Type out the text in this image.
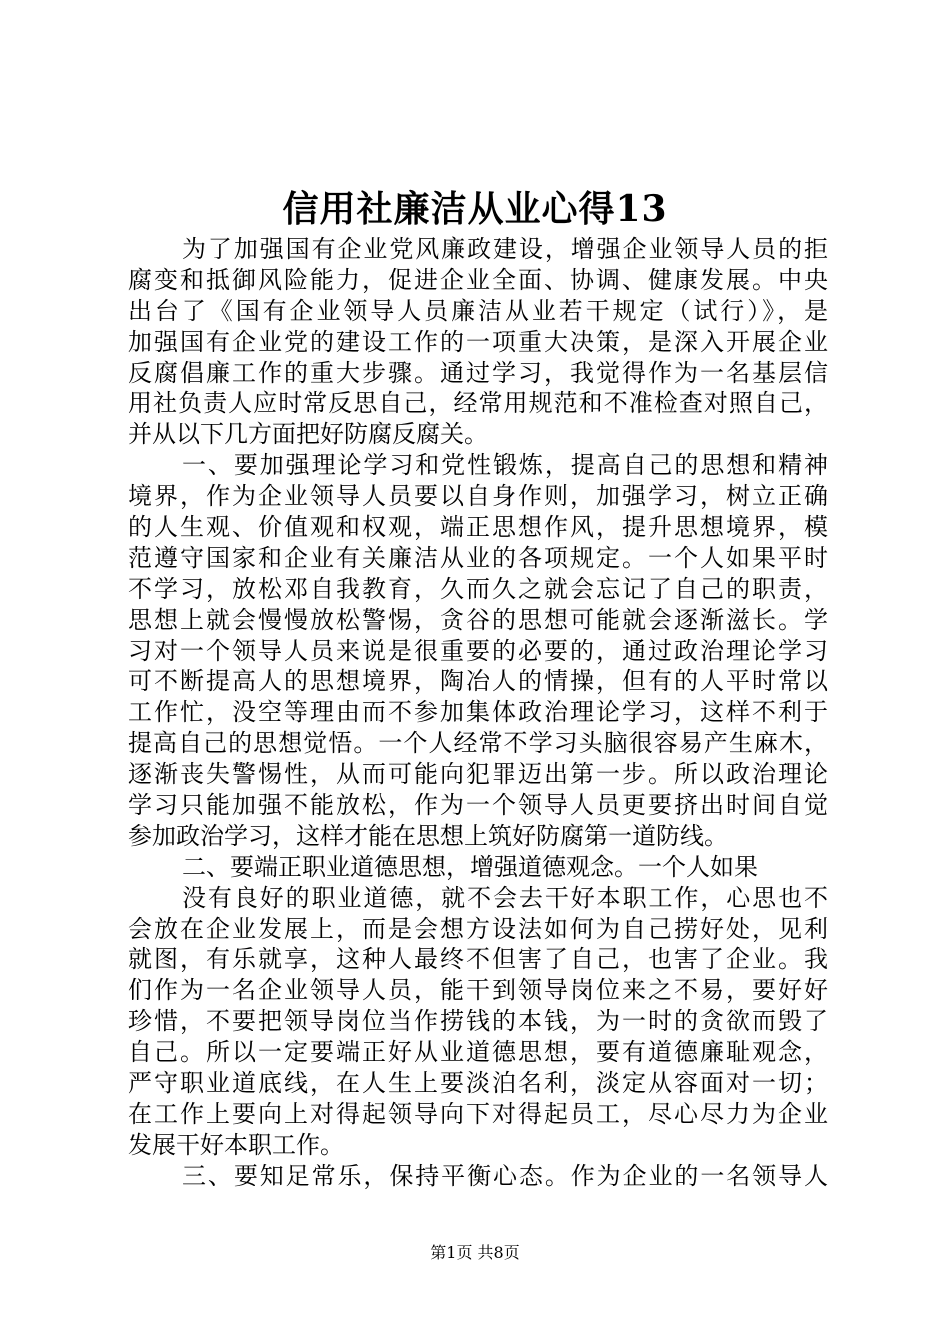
信用社廉洁从业心得13
为了加强国有企业党风廉政建设，增强企业领导人员的拒
腐变和抵御风险能力，促进企业全面、协调、健康发展。中央
出台了《国有企业领导人员廉洁从业若干规定（试行）》，是
加强国有企业党的建设工作的一项重大决策，是深入开展企业
反腐倡廉工作的重大步骤。通过学习，我觉得作为一名基层信
用社负责人应时常反思自己，经常用规范和不准检查对照自己，
并从以下几方面把好防腐反腐关。
一、要加强理论学习和党性锻炼，提高自己的思想和精神
境界，作为企业领导人员要以自身作则，加强学习，树立正确
的人生观、价值观和权观，端正思想作风，提升思想境界，模
范遵守国家和企业有关廉洁从业的各项规定。一个人如果平时
不学习，放松邓自我教育，久而久之就会忘记了自己的职责，
思想上就会慢慢放松警惕，贪谷的思想可能就会逐渐滋长。学
习对一个领导人员来说是很重要的必要的，通过政治理论学习
可不断提高人的思想境界，陶冶人的情操，但有的人平时常以
工作忙，没空等理由而不参加集体政治理论学习，这样不利于
提高自己的思想觉悟。一个人经常不学习头脑很容易产生麻木，
逐渐丧失警惕性，从而可能向犯罪迈出第一步。所以政治理论
学习只能加强不能放松，作为一个领导人员更要挤出时间自觉
参加政治学习，这样才能在思想上筑好防腐第一道防线。
二、要端正职业道德思想，增强道德观念。一个人如果
没有良好的职业道德，就不会去干好本职工作，心思也不
会放在企业发展上，而是会想方设法如何为自己捞好处，见利
就图，有乐就享，这种人最终不但害了自己，也害了企业。我
们作为一名企业领导人员，能干到领导岗位来之不易，要好好
珍惜，不要把领导岗位当作捞钱的本钱，为一时的贪欲而毁了
自己。所以一定要端正好从业道德思想，要有道德廉耻观念，
严守职业道底线，在人生上要淡泊名利，淡定从容面对一切；
在工作上要向上对得起领导向下对得起员工，尽心尽力为企业
发展干好本职工作。
三、要知足常乐，保持平衡心态。作为企业的一名领导人
第1页 共8页
